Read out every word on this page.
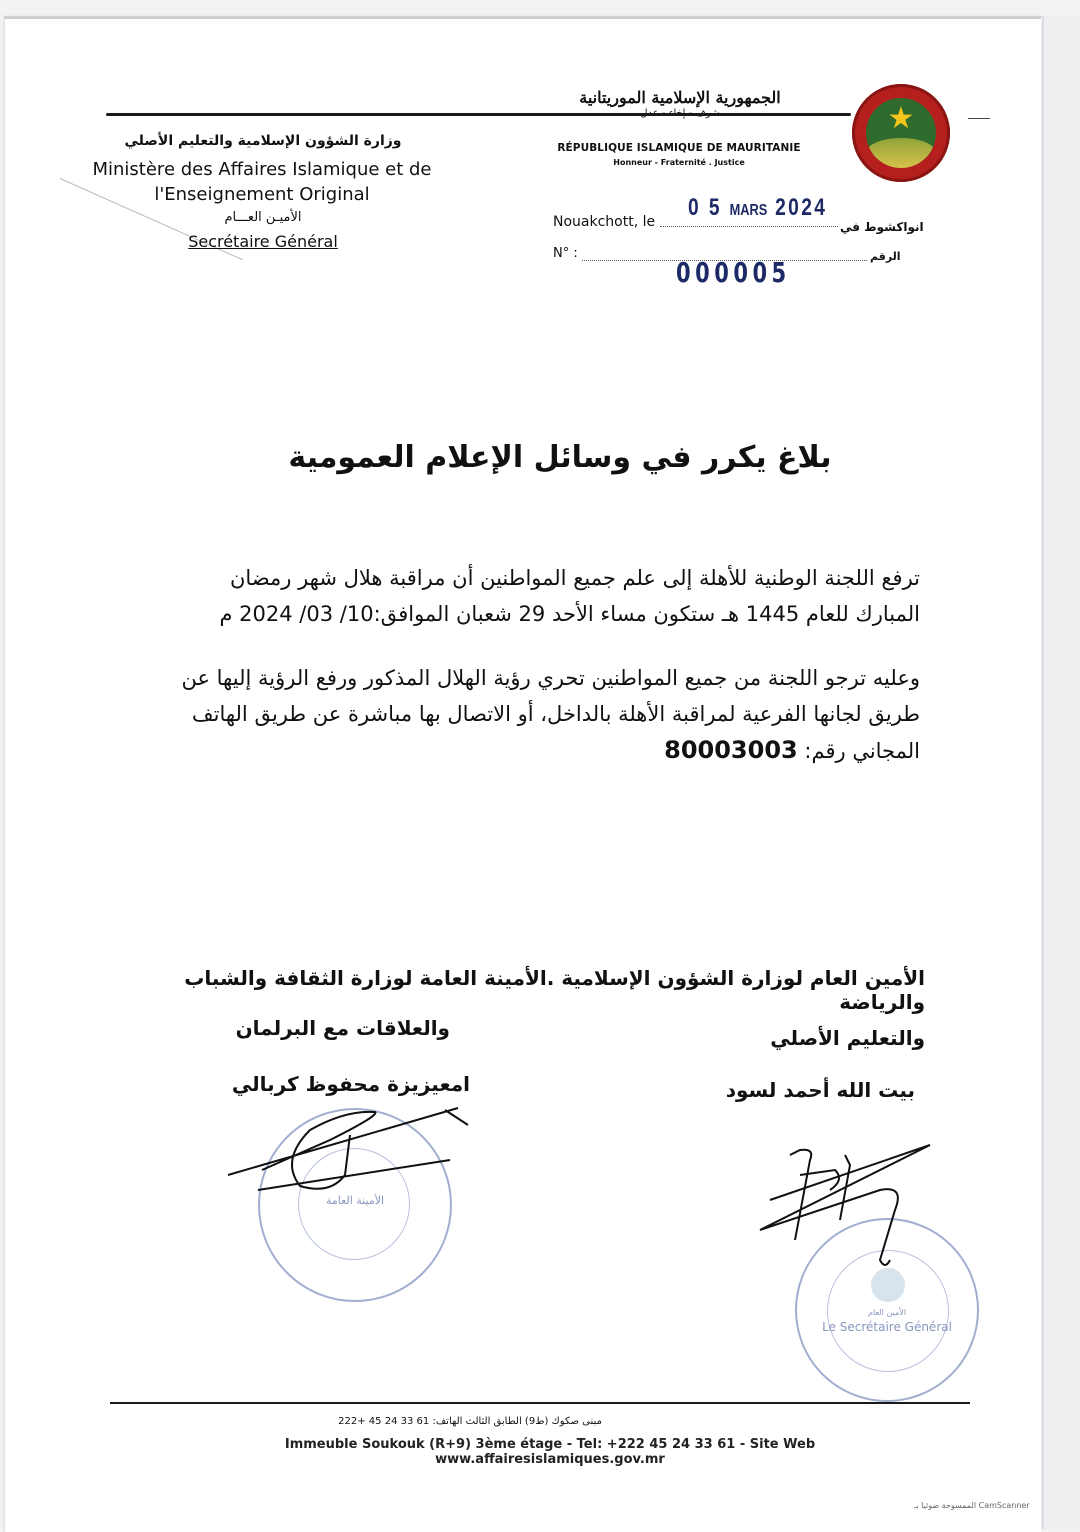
الجمهورية الإسلامية الموريتانية
RÉPUBLIQUE ISLAMIQUE DE MAURITANIE
Honneur - Fraternité . Justice
★
وزارة الشؤون الإسلامية والتعليم الأصلي
Ministère des Affaires Islamique et de
l'Enseignement Original
الأميـن العـــام
Secrétaire Général
0 5 MARS 2024
Nouakchott, le	انواكشوط في
N° :	الرقم
000005
بلاغ يكرر في وسائل الإعلام العمومية
ترفع اللجنة الوطنية للأهلة إلى علم جميع المواطنين أن مراقبة هلال شهر رمضان المبارك للعام 1445 هـ ستكون مساء الأحد 29 شعبان الموافق:10/ 03/ 2024 م
وعليه ترجو اللجنة من جميع المواطنين تحري رؤية الهلال المذكور ورفع الرؤية إليها عن طريق لجانها الفرعية لمراقبة الأهلة بالداخل، أو الاتصال بها مباشرة عن طريق الهاتف المجاني رقم: 80003003
الأمين العام لوزارة الشؤون الإسلامية .الأمينة العامة لوزارة الثقافة والشباب والرياضة
والتعليم الأصلي
والعلاقات مع البرلمان
بيت الله أحمد لسود
امعيزيزة محفوظ كربالي
الأمينة العامة
الأمين العام
Le Secrétaire Général
مبنى صكوك (ط9) الطابق الثالث الهاتف: 61 33 24 45 +222
Immeuble Soukouk (R+9) 3ème étage - Tel: +222 45 24 33 61 - Site Web www.affairesislamiques.gov.mr
الممسوحة ضوئيا بـ CamScanner
